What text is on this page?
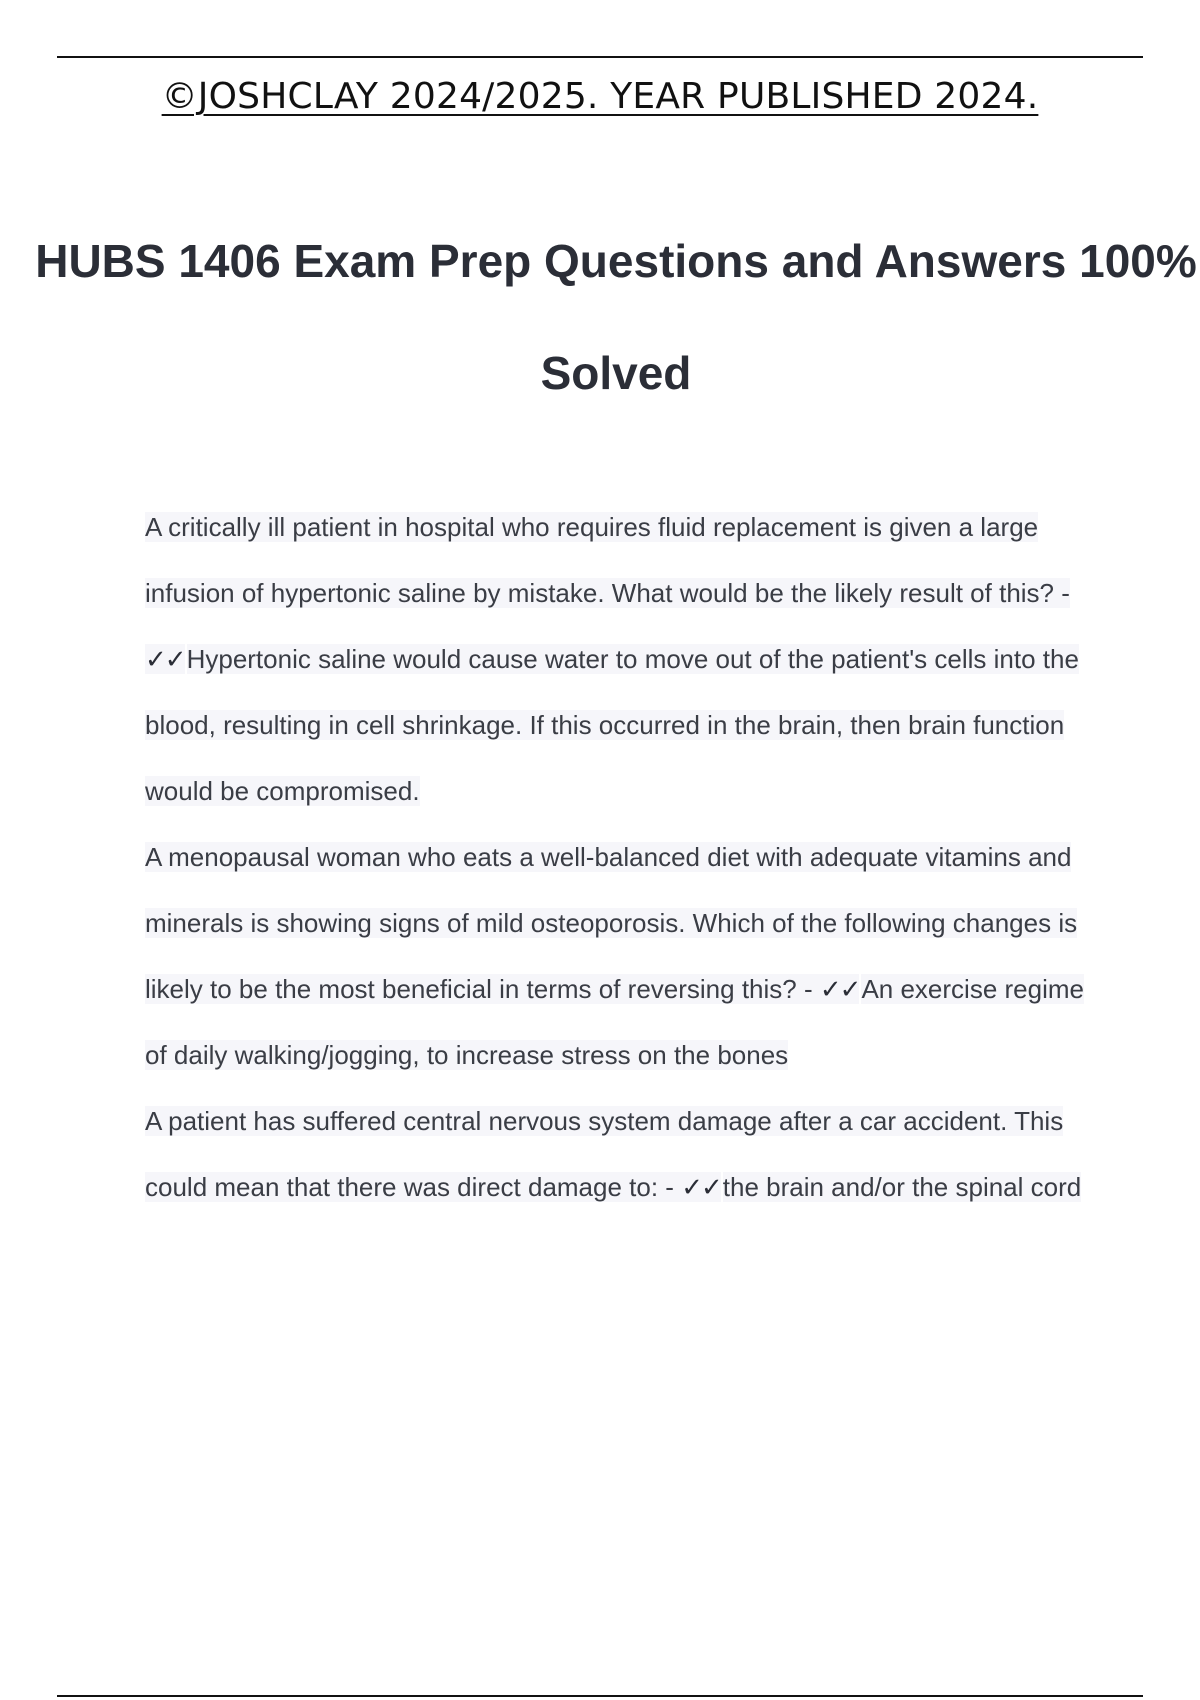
©JOSHCLAY 2024/2025. YEAR PUBLISHED 2024.
HUBS 1406 Exam Prep Questions and Answers 100% Solved

A critically ill patient in hospital who requires fluid replacement is given a large infusion of hypertonic saline by mistake. What would be the likely result of this? - ✓✓Hypertonic saline would cause water to move out of the patient's cells into the blood, resulting in cell shrinkage. If this occurred in the brain, then brain function would be compromised.

A menopausal woman who eats a well-balanced diet with adequate vitamins and minerals is showing signs of mild osteoporosis. Which of the following changes is likely to be the most beneficial in terms of reversing this? - ✓✓An exercise regime of daily walking/jogging, to increase stress on the bones

A patient has suffered central nervous system damage after a car accident. This could mean that there was direct damage to: - ✓✓the brain and/or the spinal cord
